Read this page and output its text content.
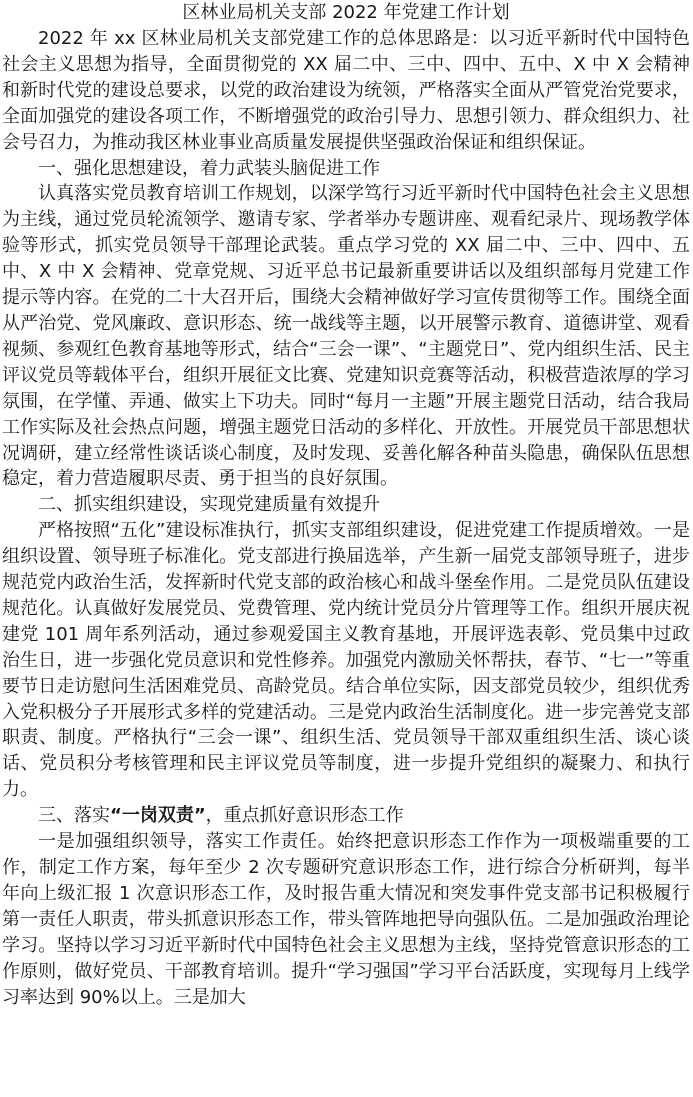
区林业局机关支部 2022 年党建工作计划

2022 年 xx 区林业局机关支部党建工作的总体思路是：以习近平新时代中国特色社会主义思想为指导，全面贯彻党的 XX 届二中、三中、四中、五中、X 中 X 会精神和新时代党的建设总要求，以党的政治建设为统领，严格落实全面从严管党治党要求，全面加强党的建设各项工作，不断增强党的政治引导力、思想引领力、群众组织力、社会号召力，为推动我区林业事业高质量发展提供坚强政治保证和组织保证。

一、强化思想建设，着力武装头脑促进工作

认真落实党员教育培训工作规划，以深学笃行习近平新时代中国特色社会主义思想为主线，通过党员轮流领学、邀请专家、学者举办专题讲座、观看纪录片、现场教学体验等形式，抓实党员领导干部理论武装。重点学习党的 XX 届二中、三中、四中、五中、X 中 X 会精神、党章党规、习近平总书记最新重要讲话以及组织部每月党建工作提示等内容。在党的二十大召开后，围绕大会精神做好学习宣传贯彻等工作。围绕全面从严治党、党风廉政、意识形态、统一战线等主题，以开展警示教育、道德讲堂、观看视频、参观红色教育基地等形式，结合“三会一课”、“主题党日”、党内组织生活、民主评议党员等载体平台，组织开展征文比赛、党建知识竞赛等活动，积极营造浓厚的学习氛围，在学懂、弄通、做实上下功夫。同时“每月一主题”开展主题党日活动，结合我局工作实际及社会热点问题，增强主题党日活动的多样化、开放性。开展党员干部思想状况调研，建立经常性谈话谈心制度，及时发现、妥善化解各种苗头隐患，确保队伍思想稳定，着力营造履职尽责、勇于担当的良好氛围。

二、抓实组织建设，实现党建质量有效提升

严格按照“五化”建设标准执行，抓实支部组织建设，促进党建工作提质增效。一是组织设置、领导班子标准化。党支部进行换届选举，产生新一届党支部领导班子，进步规范党内政治生活，发挥新时代党支部的政治核心和战斗堡垒作用。二是党员队伍建设规范化。认真做好发展党员、党费管理、党内统计党员分片管理等工作。组织开展庆祝建党 101 周年系列活动，通过参观爱国主义教育基地，开展评选表彰、党员集中过政治生日，进一步强化党员意识和党性修养。加强党内激励关怀帮扶，春节、“七一”等重要节日走访慰问生活困难党员、高龄党员。结合单位实际，因支部党员较少，组织优秀入党积极分子开展形式多样的党建活动。三是党内政治生活制度化。进一步完善党支部职责、制度。严格执行“三会一课”、组织生活、党员领导干部双重组织生活、谈心谈话、党员积分考核管理和民主评议党员等制度，进一步提升党组织的凝聚力、和执行力。

三、落实“一岗双责”，重点抓好意识形态工作

一是加强组织领导，落实工作责任。始终把意识形态工作作为一项极端重要的工作，制定工作方案，每年至少 2 次专题研究意识形态工作，进行综合分析研判，每半年向上级汇报 1 次意识形态工作，及时报告重大情况和突发事件党支部书记积极履行第一责任人职责，带头抓意识形态工作，带头管阵地把导向强队伍。二是加强政治理论学习。坚持以学习习近平新时代中国特色社会主义思想为主线，坚持党管意识形态的工作原则，做好党员、干部教育培训。提升“学习强国”学习平台活跃度，实现每月上线学习率达到 90%以上。三是加大
